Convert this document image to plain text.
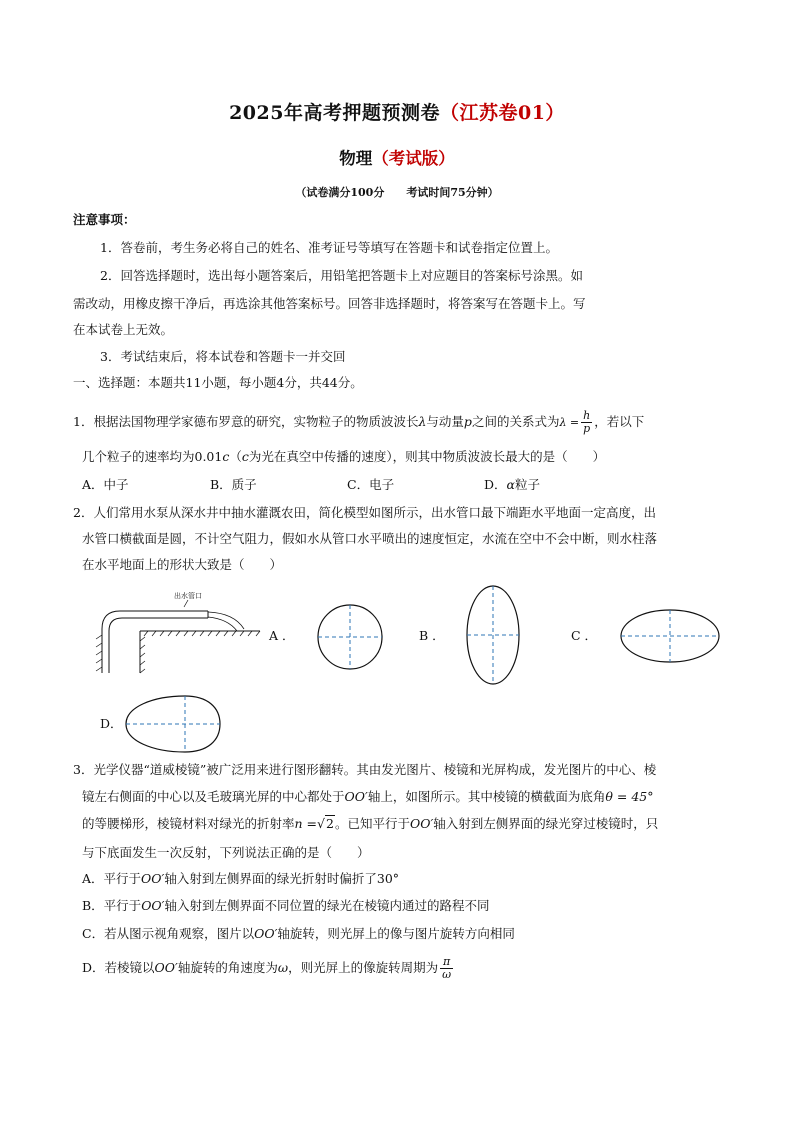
2025年高考押题预测卷（江苏卷01）
物理（考试版）
（试卷满分100分 考试时间75分钟）
注意事项：
1．答卷前，考生务必将自己的姓名、准考证号等填写在答题卡和试卷指定位置上。
2．回答选择题时，选出每小题答案后，用铅笔把答题卡上对应题目的答案标号涂黑。如
需改动，用橡皮擦干净后，再选涂其他答案标号。回答非选择题时，将答案写在答题卡上。写
在本试卷上无效。
3．考试结束后，将本试卷和答题卡一并交回
一、选择题：本题共11小题，每小题4分，共44分。
1．根据法国物理学家德布罗意的研究，实物粒子的物质波波长λ与动量p之间的关系式为$\lambda = \frac{h}{p}$ ，若以下
几个粒子的速率均为0.01c（c为光在真空中传播的速度），则其中物质波波长最大的是（　　）
A．中子	B．质子	C．电子	D．α粒子
2．人们常用水泵从深水井中抽水灌溉农田，简化模型如图所示，出水管口最下端距水平地面一定高度，出
水管口横截面是圆，不计空气阻力，假如水从管口水平喷出的速度恒定，水流在空中不会中断，则水柱落
在水平地面上的形状大致是（　　）
出水管口
A ．	B ．	C ．
D．
3．光学仪器“道威棱镜”被广泛用来进行图形翻转。其由发光图片、棱镜和光屏构成，发光图片的中心、棱
镜左右侧面的中心以及毛玻璃光屏的中心都处于OO′轴上，如图所示。其中棱镜的横截面为底角θ = 45°
的等腰梯形，棱镜材料对绿光的折射率n =√2。已知平行于OO′轴入射到左侧界面的绿光穿过棱镜时，只
与下底面发生一次反射，下列说法正确的是（　　）
A．平行于OO′轴入射到左侧界面的绿光折射时偏折了30°
B．平行于OO′轴入射到左侧界面不同位置的绿光在棱镜内通过的路程不同
C．若从图示视角观察，图片以OO′轴旋转，则光屏上的像与图片旋转方向相同
D．若棱镜以OO′轴旋转的角速度为ω，则光屏上的像旋转周期为 $\frac{\pi}{\omega}$
